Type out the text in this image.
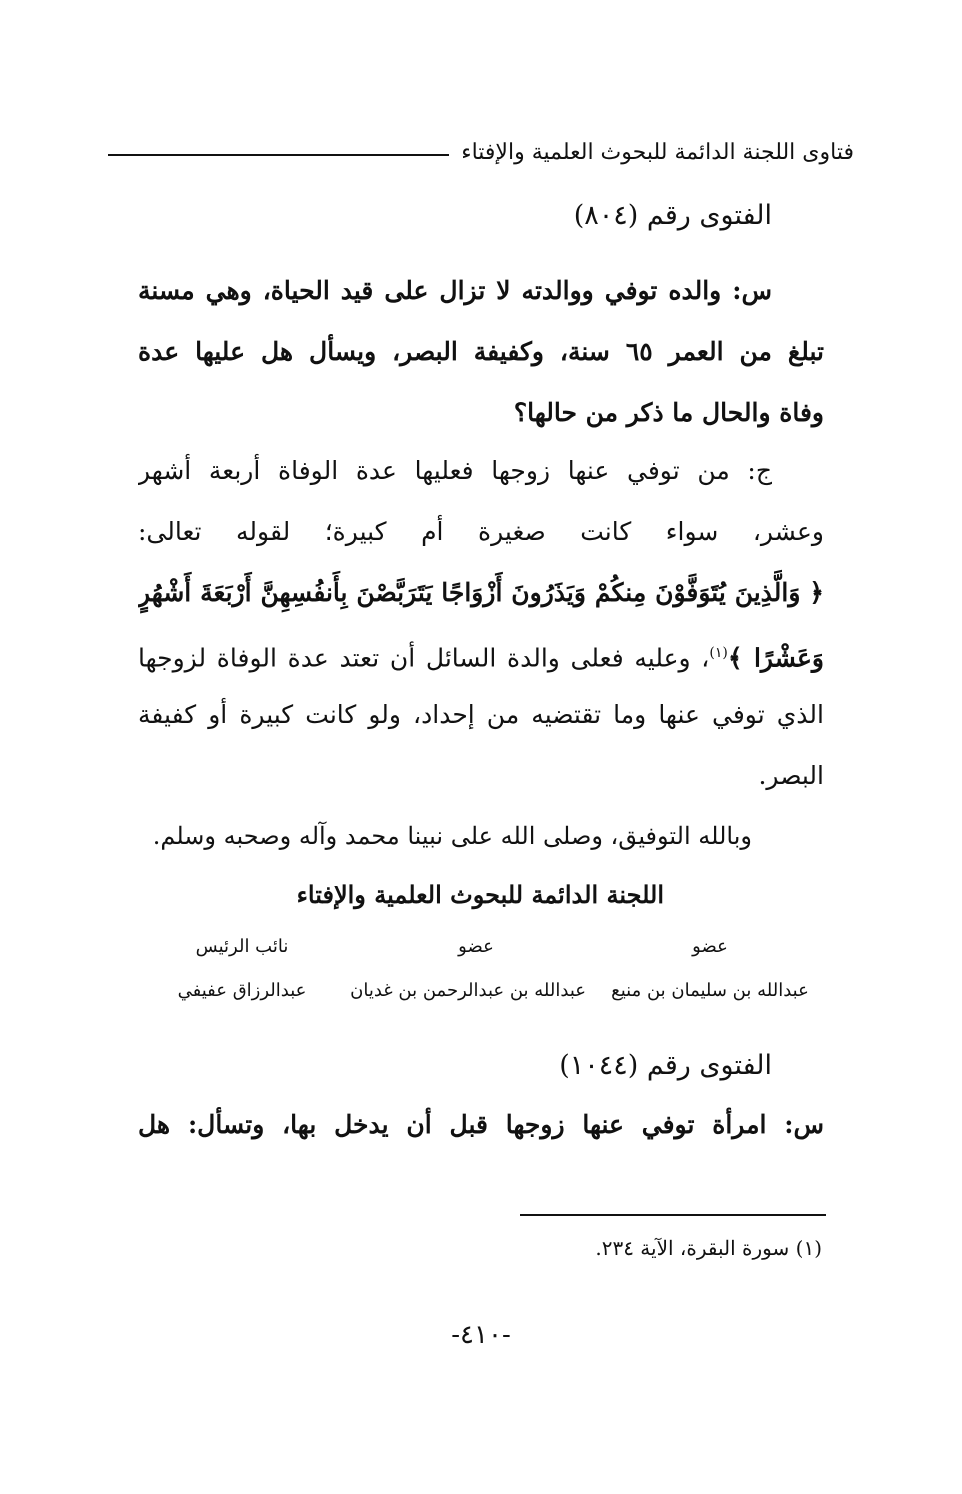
فتاوى اللجنة الدائمة للبحوث العلمية والإفتاء
الفتوى رقم (٨٠٤)
س: والده توفي ووالدته لا تزال على قيد الحياة، وهي مسنة
تبلغ من العمر ٦٥ سنة، وكفيفة البصر، ويسأل هل عليها عدة
وفاة والحال ما ذكر من حالها؟
ج: من توفي عنها زوجها فعليها عدة الوفاة أربعة أشهر
وعشر، سواء كانت صغيرة أم كبيرة؛ لقوله تعالى:
﴿ وَالَّذِينَ يُتَوَفَّوْنَ مِنكُمْ وَيَذَرُونَ أَزْوَاجًا يَتَرَبَّصْنَ بِأَنفُسِهِنَّ أَرْبَعَةَ أَشْهُرٍ
وَعَشْرًا ﴾$^{(١)}$، وعليه فعلى والدة السائل أن تعتد عدة الوفاة لزوجها
الذي توفي عنها وما تقتضيه من إحداد، ولو كانت كبيرة أو كفيفة
البصر.
وبالله التوفيق، وصلى الله على نبينا محمد وآله وصحبه وسلم.
اللجنة الدائمة للبحوث العلمية والإفتاء
عضو
عضو
نائب الرئيس
عبدالله بن سليمان بن منيع
عبدالله بن عبدالرحمن بن غديان
عبدالرزاق عفيفي
الفتوى رقم (١٠٤٤)
س: امرأة توفي عنها زوجها قبل أن يدخل بها، وتسأل: هل
(١) سورة البقرة، الآية ٢٣٤.
-٤١٠-
